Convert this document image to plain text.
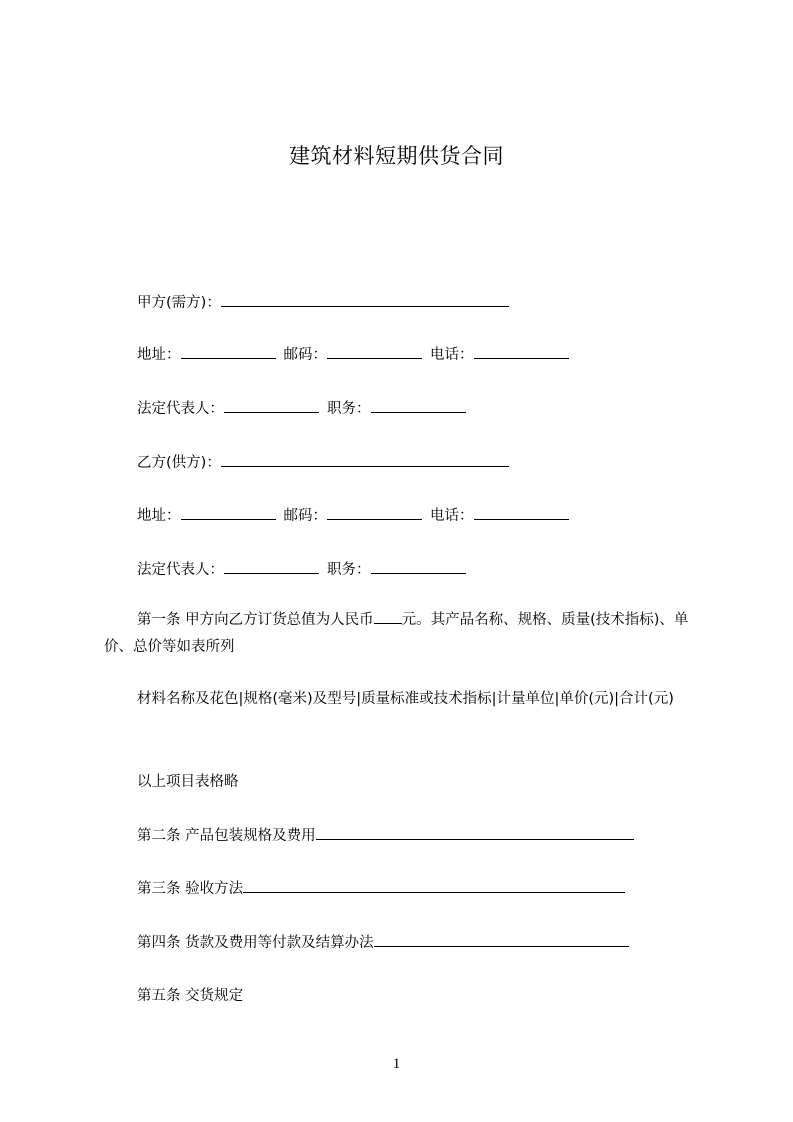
建筑材料短期供货合同
甲方(需方)：
地址：	邮码：	电话：
法定代表人：	职务：
乙方(供方)：
地址：	邮码：	电话：
法定代表人：	职务：
第一条 甲方向乙方订货总值为人民币 元。其产品名称、规格、质量(技术指标)、单价、总价等如表所列
材料名称及花色|规格(毫米)及型号|质量标准或技术指标|计量单位|单价(元)|合计(元)
以上项目表格略
第二条 产品包装规格及费用
第三条 验收方法
第四条 货款及费用等付款及结算办法
第五条 交货规定
1
